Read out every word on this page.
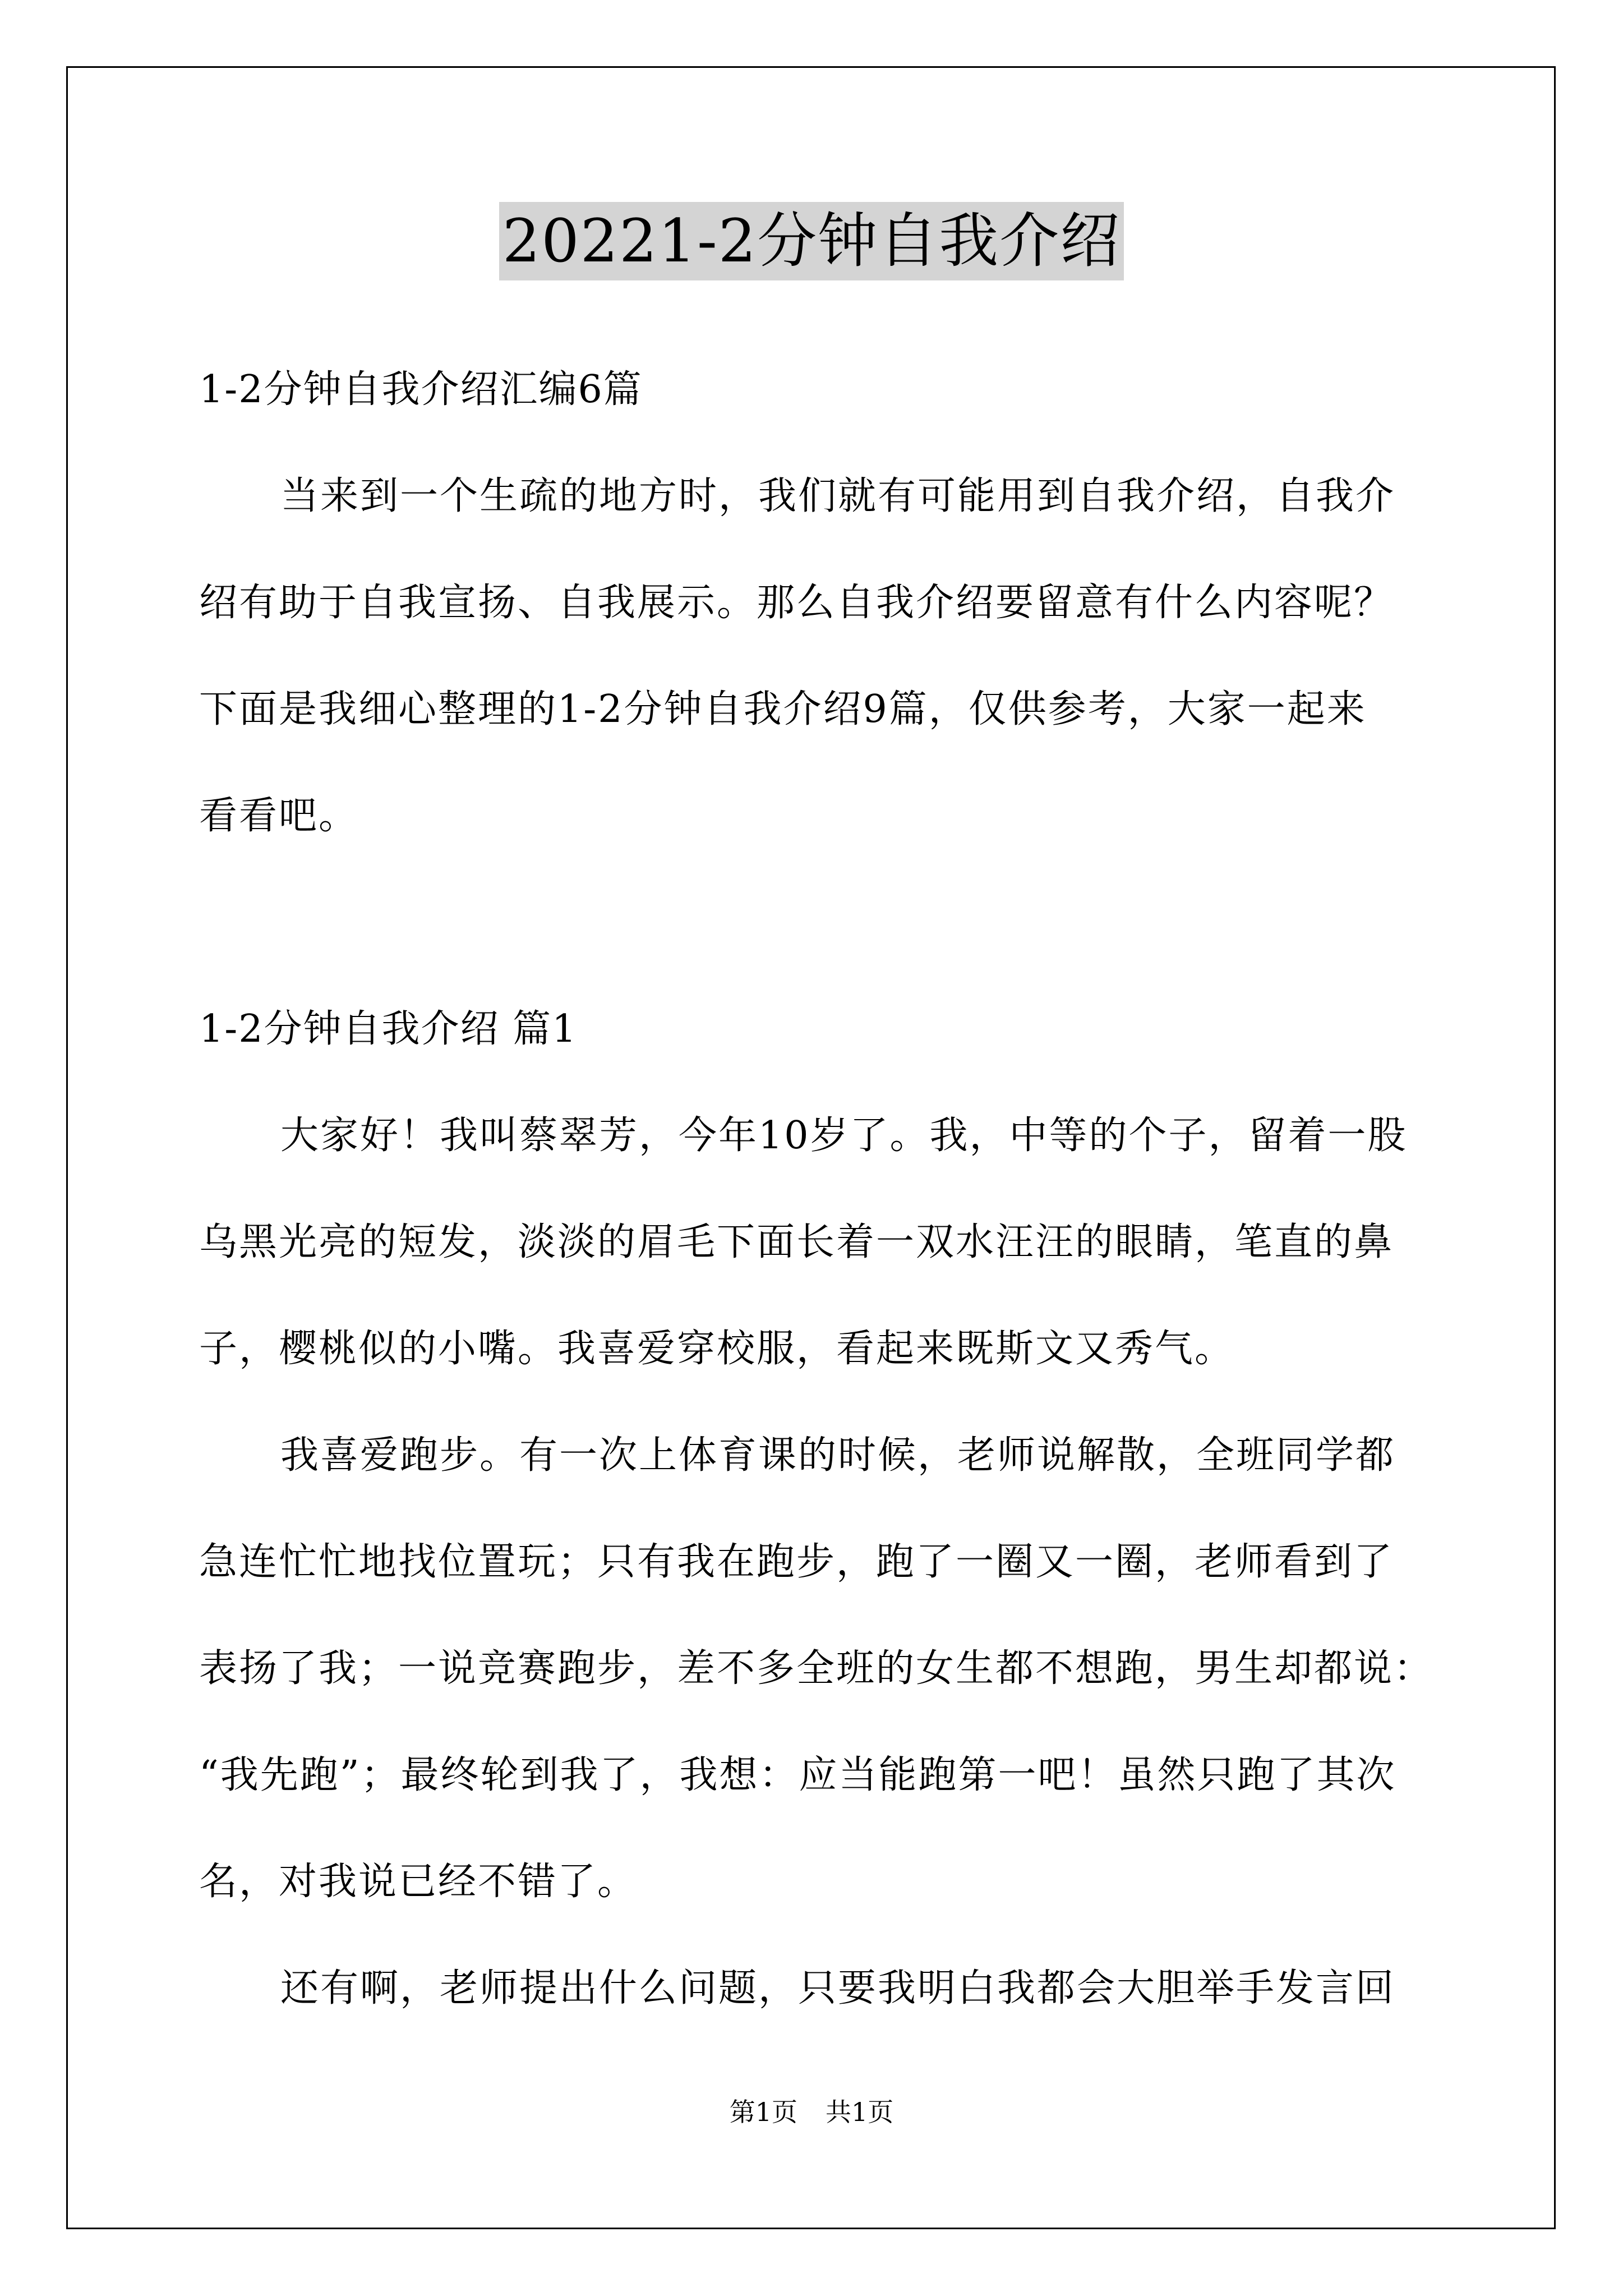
20221-2分钟自我介绍
1-2分钟自我介绍汇编6篇
当来到一个生疏的地方时，我们就有可能用到自我介绍，自我介
绍有助于自我宣扬、自我展示。那么自我介绍要留意有什么内容呢？
下面是我细心整理的1-2分钟自我介绍9篇，仅供参考，大家一起来
看看吧。
1-2分钟自我介绍 篇1
大家好！我叫蔡翠芳，今年10岁了。我，中等的个子，留着一股
乌黑光亮的短发，淡淡的眉毛下面长着一双水汪汪的眼睛，笔直的鼻
子，樱桃似的小嘴。我喜爱穿校服，看起来既斯文又秀气。
我喜爱跑步。有一次上体育课的时候，老师说解散，全班同学都
急连忙忙地找位置玩；只有我在跑步，跑了一圈又一圈，老师看到了
表扬了我；一说竞赛跑步，差不多全班的女生都不想跑，男生却都说：
“我先跑”；最终轮到我了，我想：应当能跑第一吧！虽然只跑了其次
名，对我说已经不错了。
还有啊，老师提出什么问题，只要我明白我都会大胆举手发言回
第1页 共1页
